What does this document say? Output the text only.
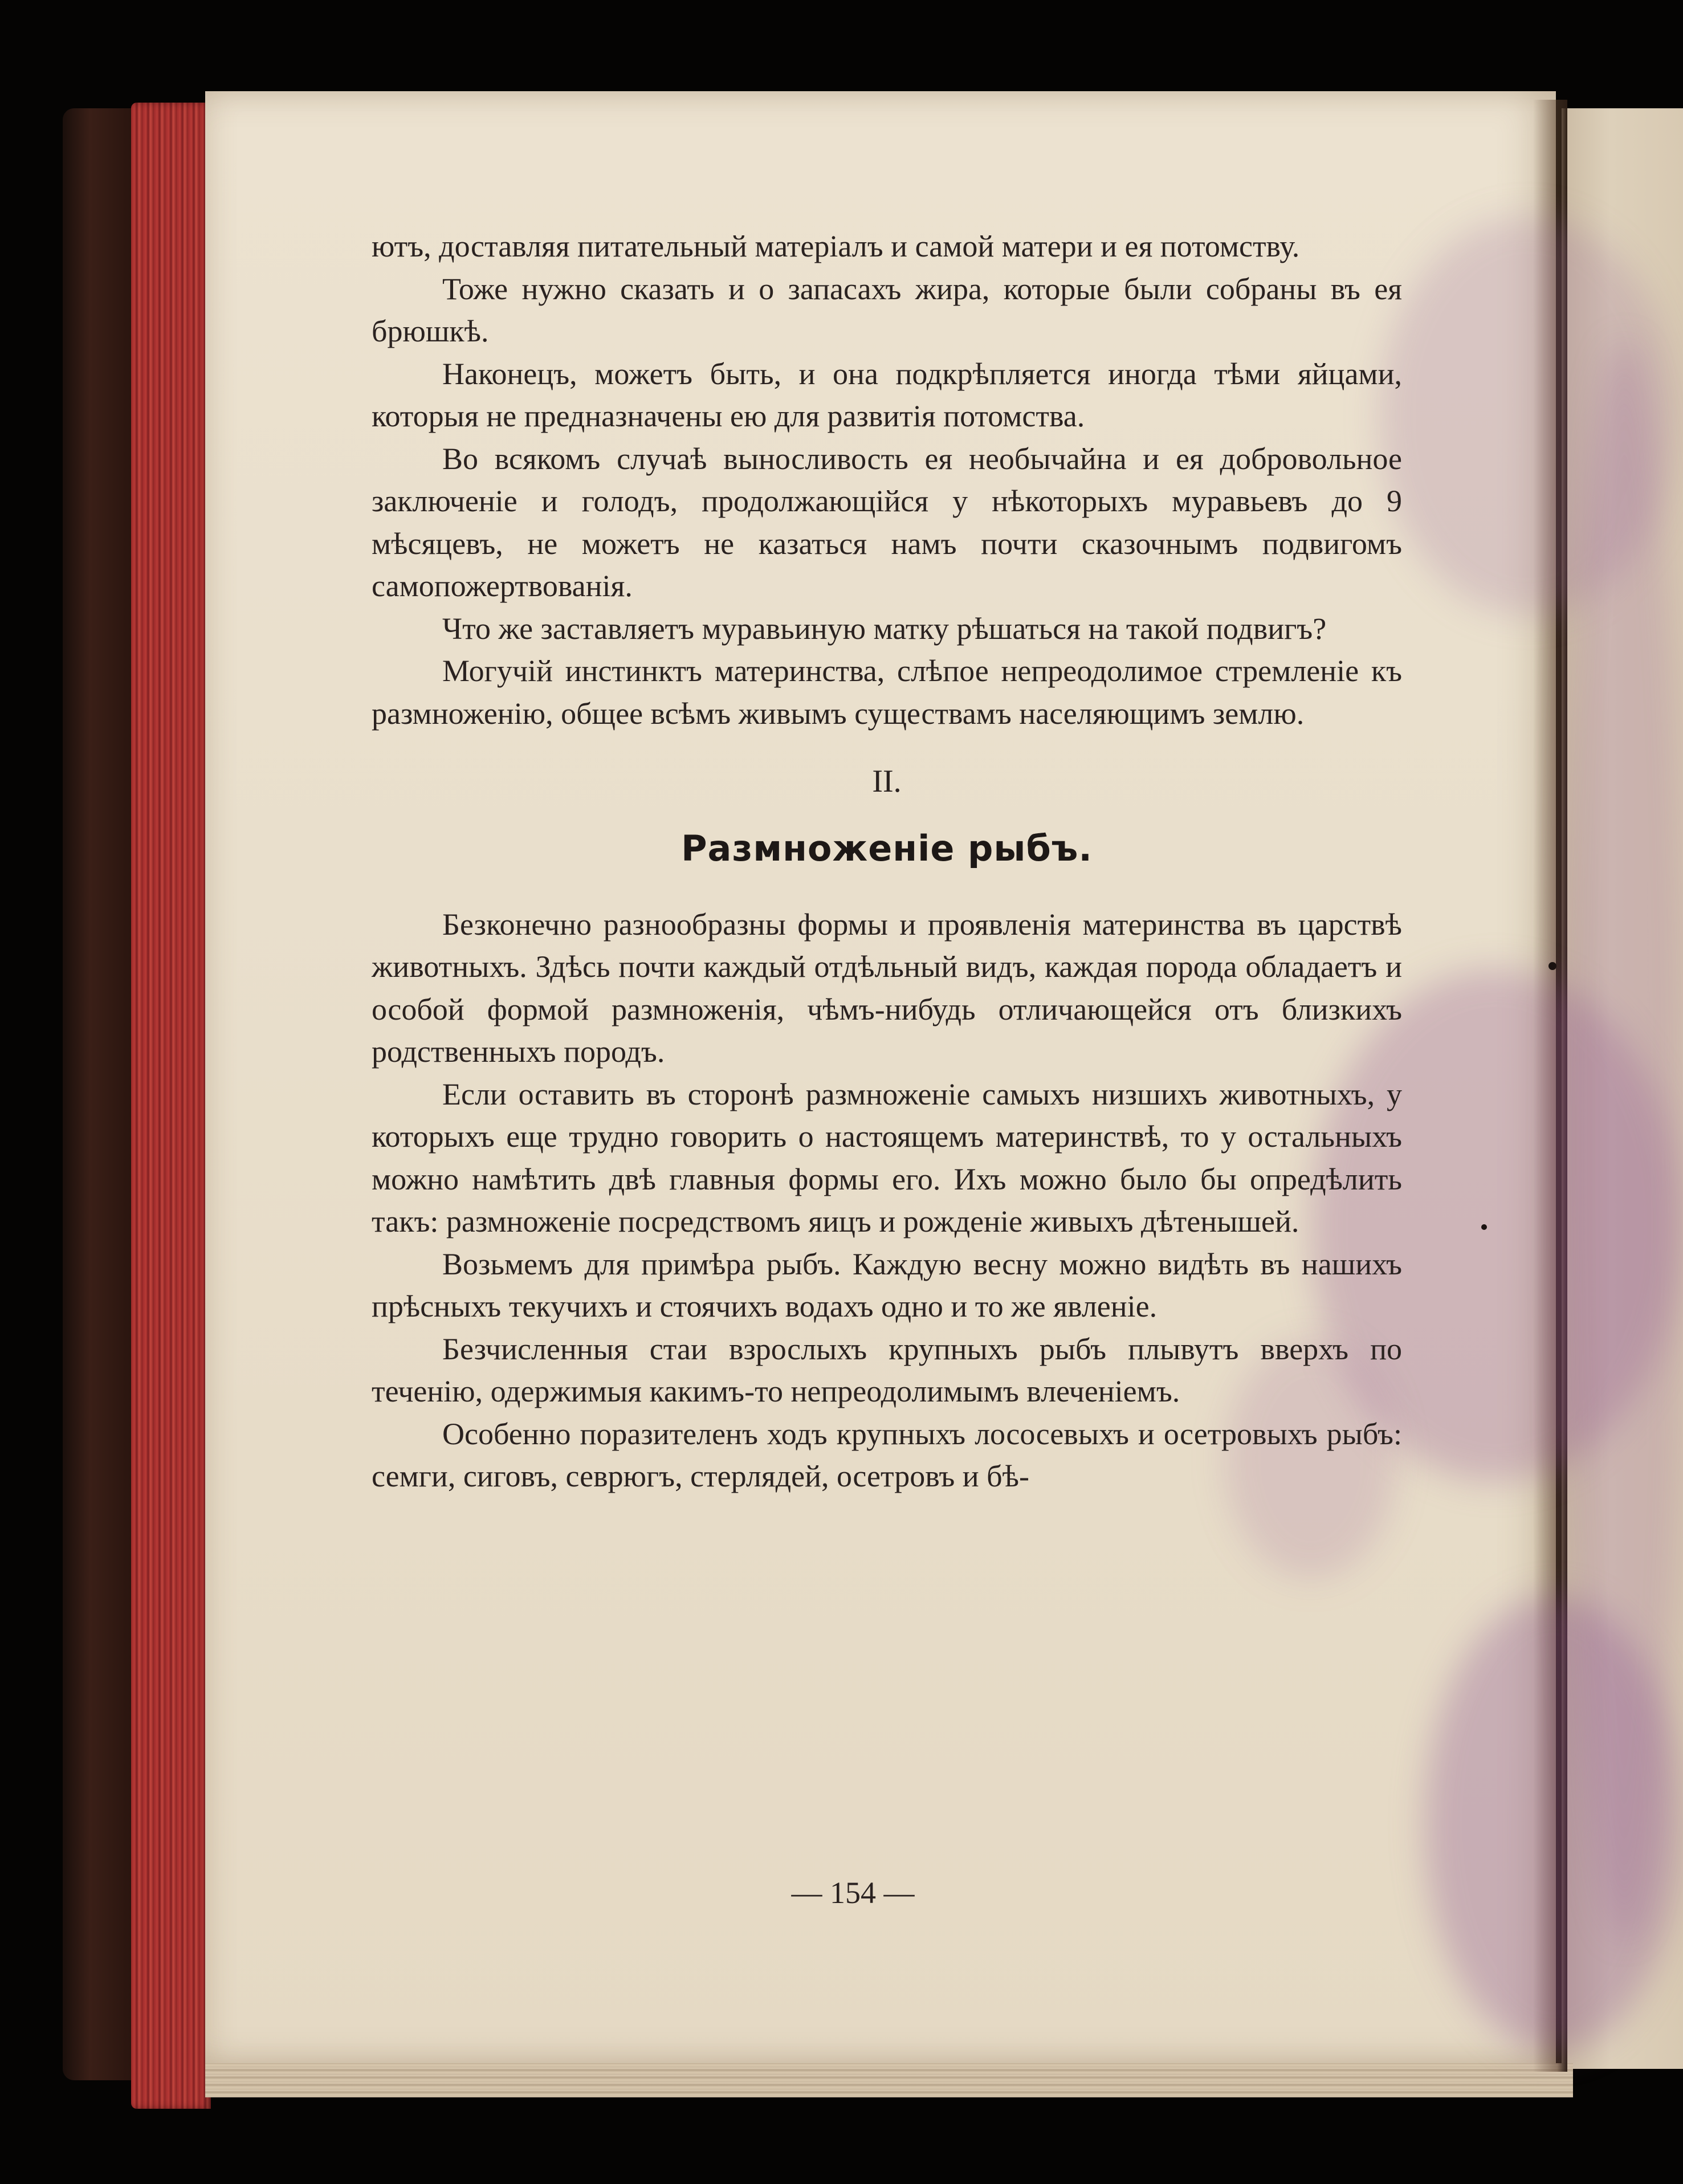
ютъ, доставляя питательный матеріалъ и самой матери и ея потомству.

Тоже нужно сказать и о запасахъ жира, которые были собраны въ ея брюшкѣ.

Наконецъ, можетъ быть, и она подкрѣпляется иногда тѣми яйцами, которыя не предназначены ею для развитія потомства.

Во всякомъ случаѣ выносливость ея необычайна и ея добровольное заключеніе и голодъ, продолжающійся у нѣкоторыхъ муравьевъ до 9 мѣсяцевъ, не можетъ не казаться намъ почти сказочнымъ подвигомъ самопожертвованія.

Что же заставляетъ муравьиную матку рѣшаться на такой подвигъ?

Могучій инстинктъ материнства, слѣпое непреодолимое стремленіе къ размноженію, общее всѣмъ живымъ существамъ населяющимъ землю.

II.
Размноженіе рыбъ.

Безконечно разнообразны формы и проявленія материнства въ царствѣ животныхъ. Здѣсь почти каждый отдѣльный видъ, каждая порода обладаетъ и особой формой размноженія, чѣмъ-нибудь отличающейся отъ близкихъ родственныхъ породъ.

Если оставить въ сторонѣ размноженіе самыхъ низшихъ животныхъ, у которыхъ еще трудно говорить о настоящемъ материнствѣ, то у остальныхъ можно намѣтить двѣ главныя формы его. Ихъ можно было бы опредѣлить такъ: размноженіе посредствомъ яицъ и рожденіе живыхъ дѣтенышей.

Возьмемъ для примѣра рыбъ. Каждую весну можно видѣть въ нашихъ прѣсныхъ текучихъ и стоячихъ водахъ одно и то же явленіе.

Безчисленныя стаи взрослыхъ крупныхъ рыбъ плывутъ вверхъ по теченію, одержимыя какимъ-то непреодолимымъ влеченіемъ.

Особенно поразителенъ ходъ крупныхъ лососевыхъ и осетровыхъ рыбъ: семги, сиговъ, севрюгъ, стерлядей, осетровъ и бѣ-

— 154 —
